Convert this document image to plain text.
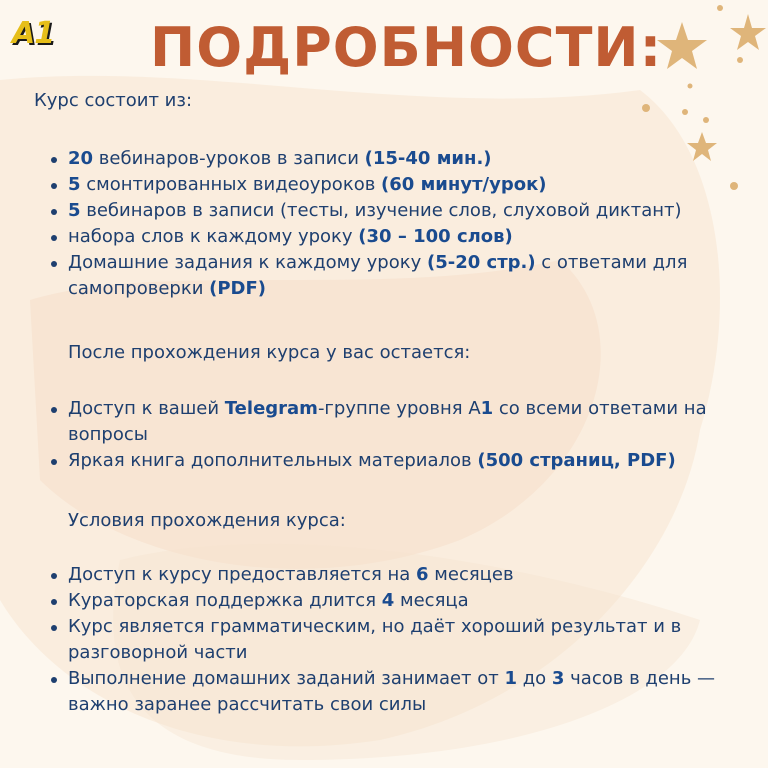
A1 ПОДРОБНОСТИ:
Курс состоит из:
20 вебинаров-уроков в записи (15-40 мин.)
5 смонтированных видеоуроков (60 минут/урок)
5 вебинаров в записи (тесты, изучение слов, слуховой диктант)
набора слов к каждому уроку (30 – 100 слов)
Домашние задания к каждому уроку (5-20 стр.) с ответами для самопроверки (PDF)
После прохождения курса у вас остается:
Доступ к вашей Telegram-группе уровня А1 со всеми ответами на вопросы
Яркая книга дополнительных материалов (500 страниц, PDF)
Условия прохождения курса:
Доступ к курсу предоставляется на 6 месяцев
Кураторская поддержка длится 4 месяца
Курс является грамматическим, но даёт хороший результат и в разговорной части
Выполнение домашних заданий занимает от 1 до 3 часов в день — важно заранее рассчитать свои силы
